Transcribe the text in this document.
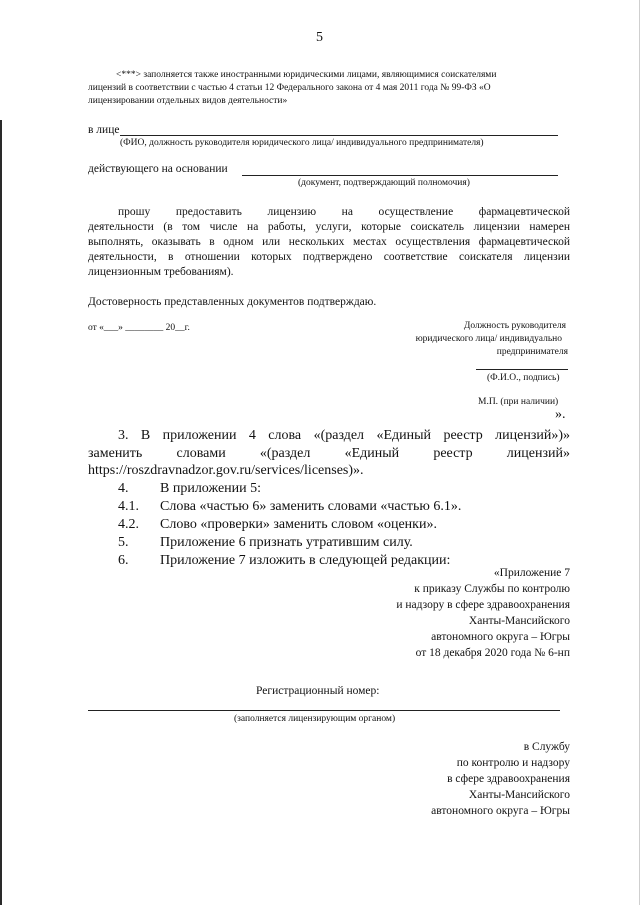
5
<***> заполняется также иностранными юридическими лицами, являющимися соискателями
лицензий в соответствии с частью 4 статьи 12 Федерального закона от 4 мая 2011 года № 99-ФЗ «О
лицензировании отдельных видов деятельности»
в лице
(ФИО, должность руководителя юридического лица/ индивидуального предпринимателя)
действующего на основании
(документ, подтверждающий полномочия)
прошу предоставить лицензию на осуществление фармацевтической
деятельности (в том числе на работы, услуги, которые соискатель лицензии намерен
выполнять, оказывать в одном или нескольких местах осуществления фармацевтической
деятельности, в отношении которых подтверждено соответствие соискателя лицензии
лицензионным требованиям).
Достоверность представленных документов подтверждаю.
от «___» ________ 20__г.	Должность руководителя
юридического лица/ индивидуально
предпринимателя
(Ф.И.О., подпись)
М.П. (при наличии)
».
3. В приложении 4 слова «(раздел «Единый реестр лицензий»)»
заменить словами «(раздел «Единый реестр лицензий»
https://roszdravnadzor.gov.ru/services/licenses)».
4. В приложении 5:
4.1. Слова «частью 6» заменить словами «частью 6.1».
4.2. Слово «проверки» заменить словом «оценки».
5. Приложение 6 признать утратившим силу.
6. Приложение 7 изложить в следующей редакции:
«Приложение 7
к приказу Службы по контролю
и надзору в сфере здравоохранения
Ханты-Мансийского
автономного округа – Югры
от 18 декабря 2020 года № 6-нп
Регистрационный номер:
(заполняется лицензирующим органом)
в Службу
по контролю и надзору
в сфере здравоохранения
Ханты-Мансийского
автономного округа – Югры
